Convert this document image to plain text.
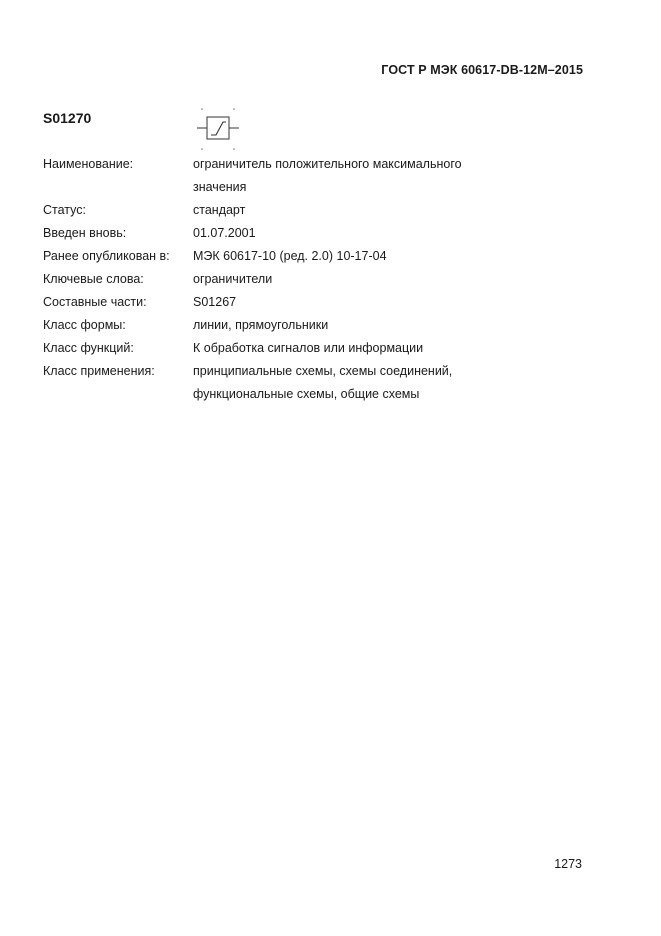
ГОСТ Р МЭК 60617-DB-12M–2015
S01270
Наименование:	ограничитель положительного максимального
значения
Статус:	стандарт
Введен вновь:	01.07.2001
Ранее опубликован в:	МЭК 60617-10 (ред. 2.0) 10-17-04
Ключевые слова:	ограничители
Составные части:	S01267
Класс формы:	линии, прямоугольники
Класс функций:	К обработка сигналов или информации
Класс применения:	принципиальные схемы, схемы соединений,
функциональные схемы, общие схемы
1273
